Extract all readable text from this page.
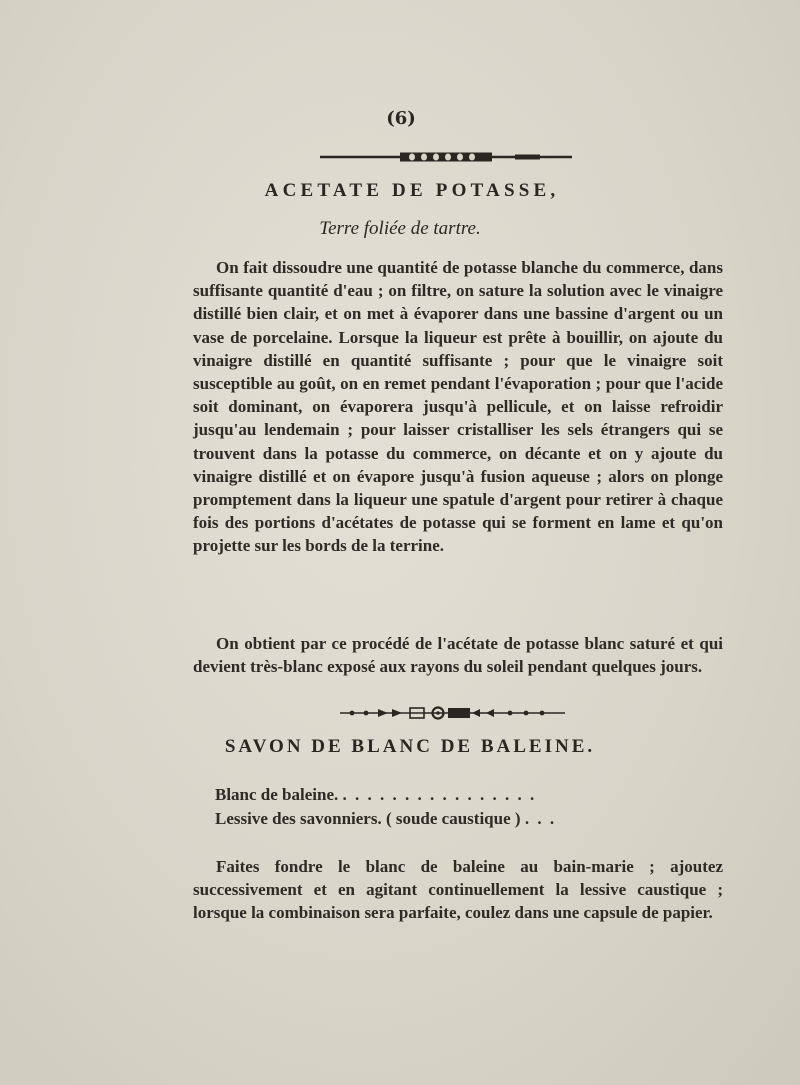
(6)
ACETATE DE POTASSE,
Terre foliée de tartre.

On fait dissoudre une quantité de potasse blanche du commerce, dans suffisante quantité d'eau ; on filtre, on sature la solution avec le vinaigre distillé bien clair, et on met à évaporer dans une bassine d'argent ou un vase de porcelaine. Lorsque la liqueur est prête à bouillir, on ajoute du vinaigre distillé en quantité suffisante ; pour que le vinaigre soit susceptible au goût, on en remet pendant l'évaporation ; pour que l'acide soit dominant, on évaporera jusqu'à pellicule, et on laisse refroidir jusqu'au lendemain ; pour laisser cristalliser les sels étrangers qui se trouvent dans la potasse du commerce, on décante et on y ajoute du vinaigre distillé et on évapore jusqu'à fusion aqueuse ; alors on plonge promptement dans la liqueur une spatule d'argent pour retirer à chaque fois des portions d'acétates de potasse qui se forment en lame et qu'on projette sur les bords de la terrine.

On obtient par ce procédé de l'acétate de potasse blanc saturé et qui devient très-blanc exposé aux rayons du soleil pendant quelques jours.

SAVON DE BLANC DE BALEINE.
Blanc de baleine. . . . . . . . . . . . . . . . .
Lessive des savonniers. ( soude caustique ) . . .

Faites fondre le blanc de baleine au bain-marie ; ajoutez successivement et en agitant continuellement la lessive caustique ; lorsque la combinaison sera parfaite, coulez dans une capsule de papier.
